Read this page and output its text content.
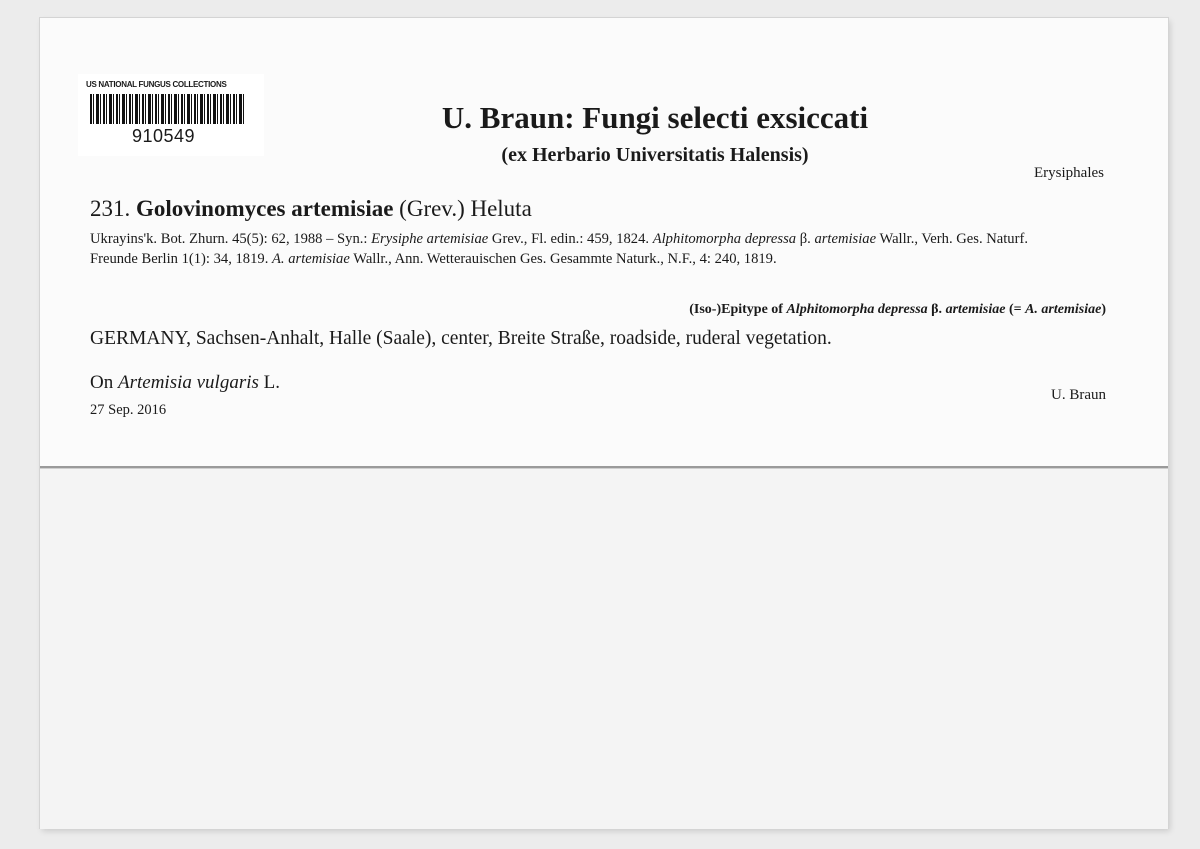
US NATIONAL FUNGUS COLLECTIONS
910549
U. Braun: Fungi selecti exsiccati
(ex Herbario Universitatis Halensis)
Erysiphales
231. Golovinomyces artemisiae (Grev.) Heluta
Ukrayins'k. Bot. Zhurn. 45(5): 62, 1988 – Syn.: Erysiphe artemisiae Grev., Fl. edin.: 459, 1824. Alphitomorpha depressa β. artemisiae Wallr., Verh. Ges. Naturf. Freunde Berlin 1(1): 34, 1819. A. artemisiae Wallr., Ann. Wetterauischen Ges. Gesammte Naturk., N.F., 4: 240, 1819.
(Iso-)Epitype of Alphitomorpha depressa β. artemisiae (= A. artemisiae)
GERMANY, Sachsen-Anhalt, Halle (Saale), center, Breite Straße, roadside, ruderal vegetation.
On Artemisia vulgaris L.
27 Sep. 2016
U. Braun
